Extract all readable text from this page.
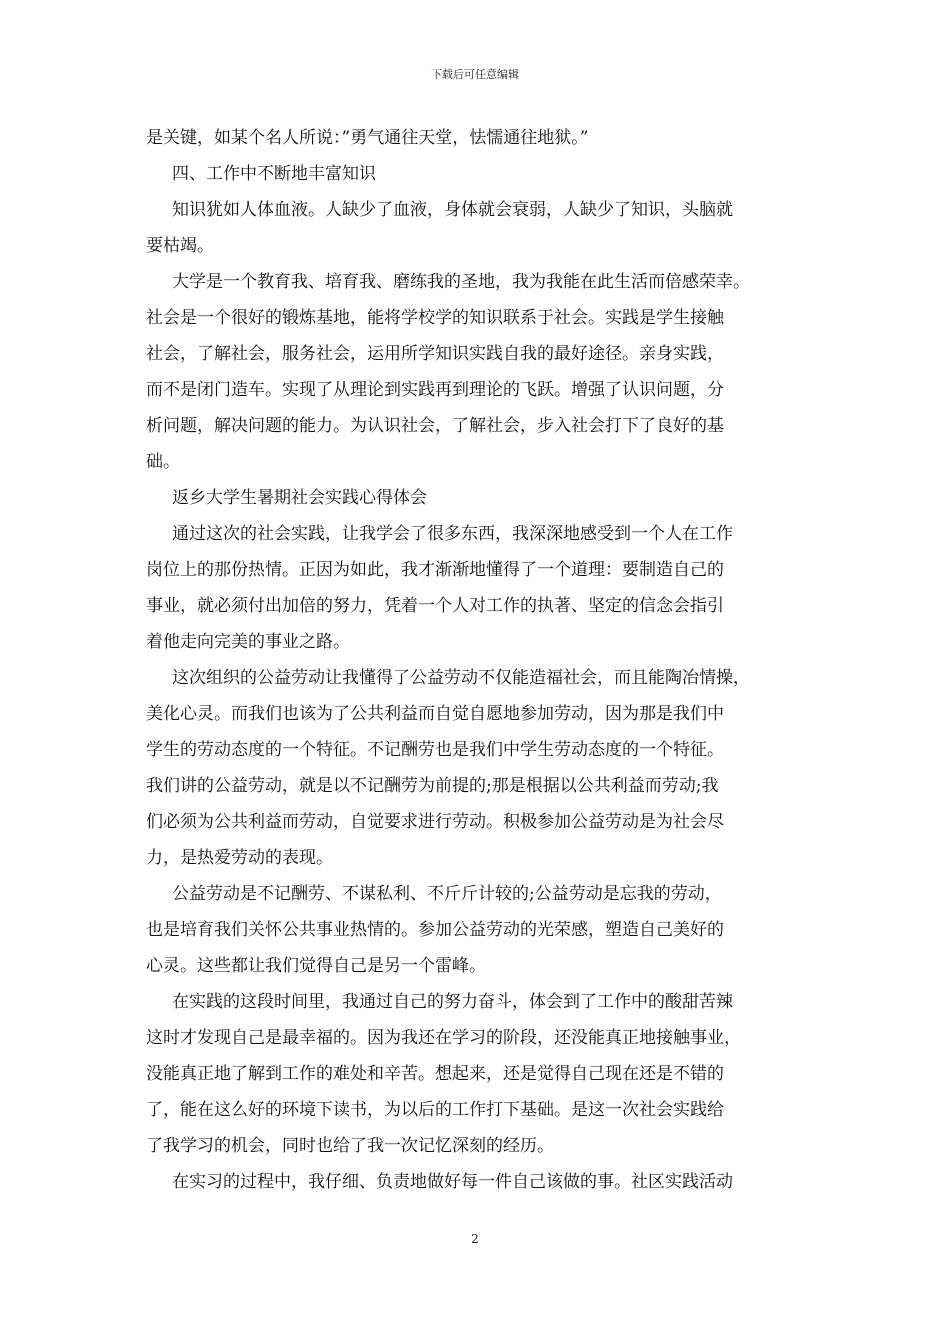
下载后可任意编辑
是关键，如某个名人所说：”勇气通往天堂，怯懦通往地狱。”
四、工作中不断地丰富知识
知识犹如人体血液。人缺少了血液，身体就会衰弱，人缺少了知识，头脑就
要枯竭。
大学是一个教育我、培育我、磨练我的圣地，我为我能在此生活而倍感荣幸。
社会是一个很好的锻炼基地，能将学校学的知识联系于社会。实践是学生接触
社会，了解社会，服务社会，运用所学知识实践自我的最好途径。亲身实践，
而不是闭门造车。实现了从理论到实践再到理论的飞跃。增强了认识问题，分
析问题，解决问题的能力。为认识社会，了解社会，步入社会打下了良好的基
础。
返乡大学生暑期社会实践心得体会
通过这次的社会实践，让我学会了很多东西，我深深地感受到一个人在工作
岗位上的那份热情。正因为如此，我才渐渐地懂得了一个道理：要制造自己的
事业，就必须付出加倍的努力，凭着一个人对工作的执著、坚定的信念会指引
着他走向完美的事业之路。
这次组织的公益劳动让我懂得了公益劳动不仅能造福社会，而且能陶冶情操，
美化心灵。而我们也该为了公共利益而自觉自愿地参加劳动，因为那是我们中
学生的劳动态度的一个特征。不记酬劳也是我们中学生劳动态度的一个特征。
我们讲的公益劳动，就是以不记酬劳为前提的;那是根据以公共利益而劳动;我
们必须为公共利益而劳动，自觉要求进行劳动。积极参加公益劳动是为社会尽
力，是热爱劳动的表现。
公益劳动是不记酬劳、不谋私利、不斤斤计较的;公益劳动是忘我的劳动，
也是培育我们关怀公共事业热情的。参加公益劳动的光荣感，塑造自己美好的
心灵。这些都让我们觉得自己是另一个雷峰。
在实践的这段时间里，我通过自己的努力奋斗，体会到了工作中的酸甜苦辣
这时才发现自己是最幸福的。因为我还在学习的阶段，还没能真正地接触事业，
没能真正地了解到工作的难处和辛苦。想起来，还是觉得自己现在还是不错的
了，能在这么好的环境下读书，为以后的工作打下基础。是这一次社会实践给
了我学习的机会，同时也给了我一次记忆深刻的经历。
在实习的过程中，我仔细、负责地做好每一件自己该做的事。社区实践活动
2
